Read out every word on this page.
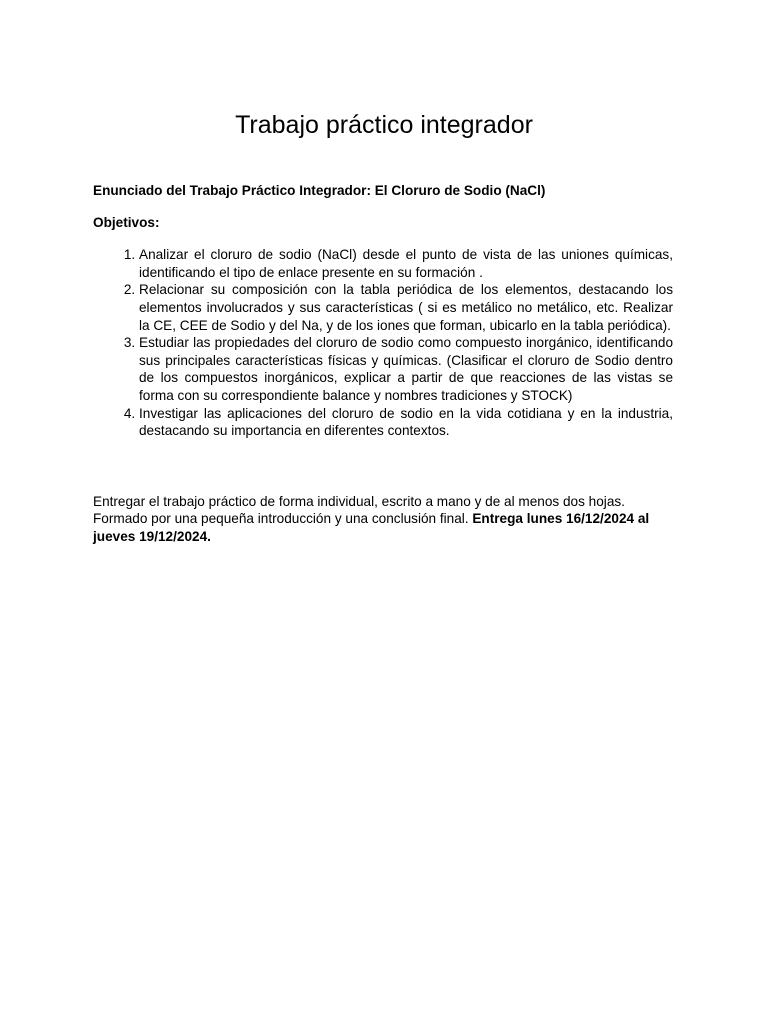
Trabajo práctico integrador

Enunciado del Trabajo Práctico Integrador: El Cloruro de Sodio (NaCl)

Objetivos:

1. Analizar el cloruro de sodio (NaCl) desde el punto de vista de las uniones químicas, identificando el tipo de enlace presente en su formación .
2. Relacionar su composición con la tabla periódica de los elementos, destacando los elementos involucrados y sus características ( si es metálico no metálico, etc. Realizar la CE, CEE de Sodio y del Na, y de los iones que forman, ubicarlo en la tabla periódica).
3. Estudiar las propiedades del cloruro de sodio como compuesto inorgánico, identificando sus principales características físicas y químicas. (Clasificar el cloruro de Sodio dentro de los compuestos inorgánicos, explicar a partir de que reacciones de las vistas se forma con su correspondiente balance y nombres tradiciones y STOCK)
4. Investigar las aplicaciones del cloruro de sodio en la vida cotidiana y en la industria, destacando su importancia en diferentes contextos.

Entregar el trabajo práctico de forma individual, escrito a mano y de al menos dos hojas. Formado por una pequeña introducción y una conclusión final. Entrega lunes 16/12/2024 al jueves 19/12/2024.
